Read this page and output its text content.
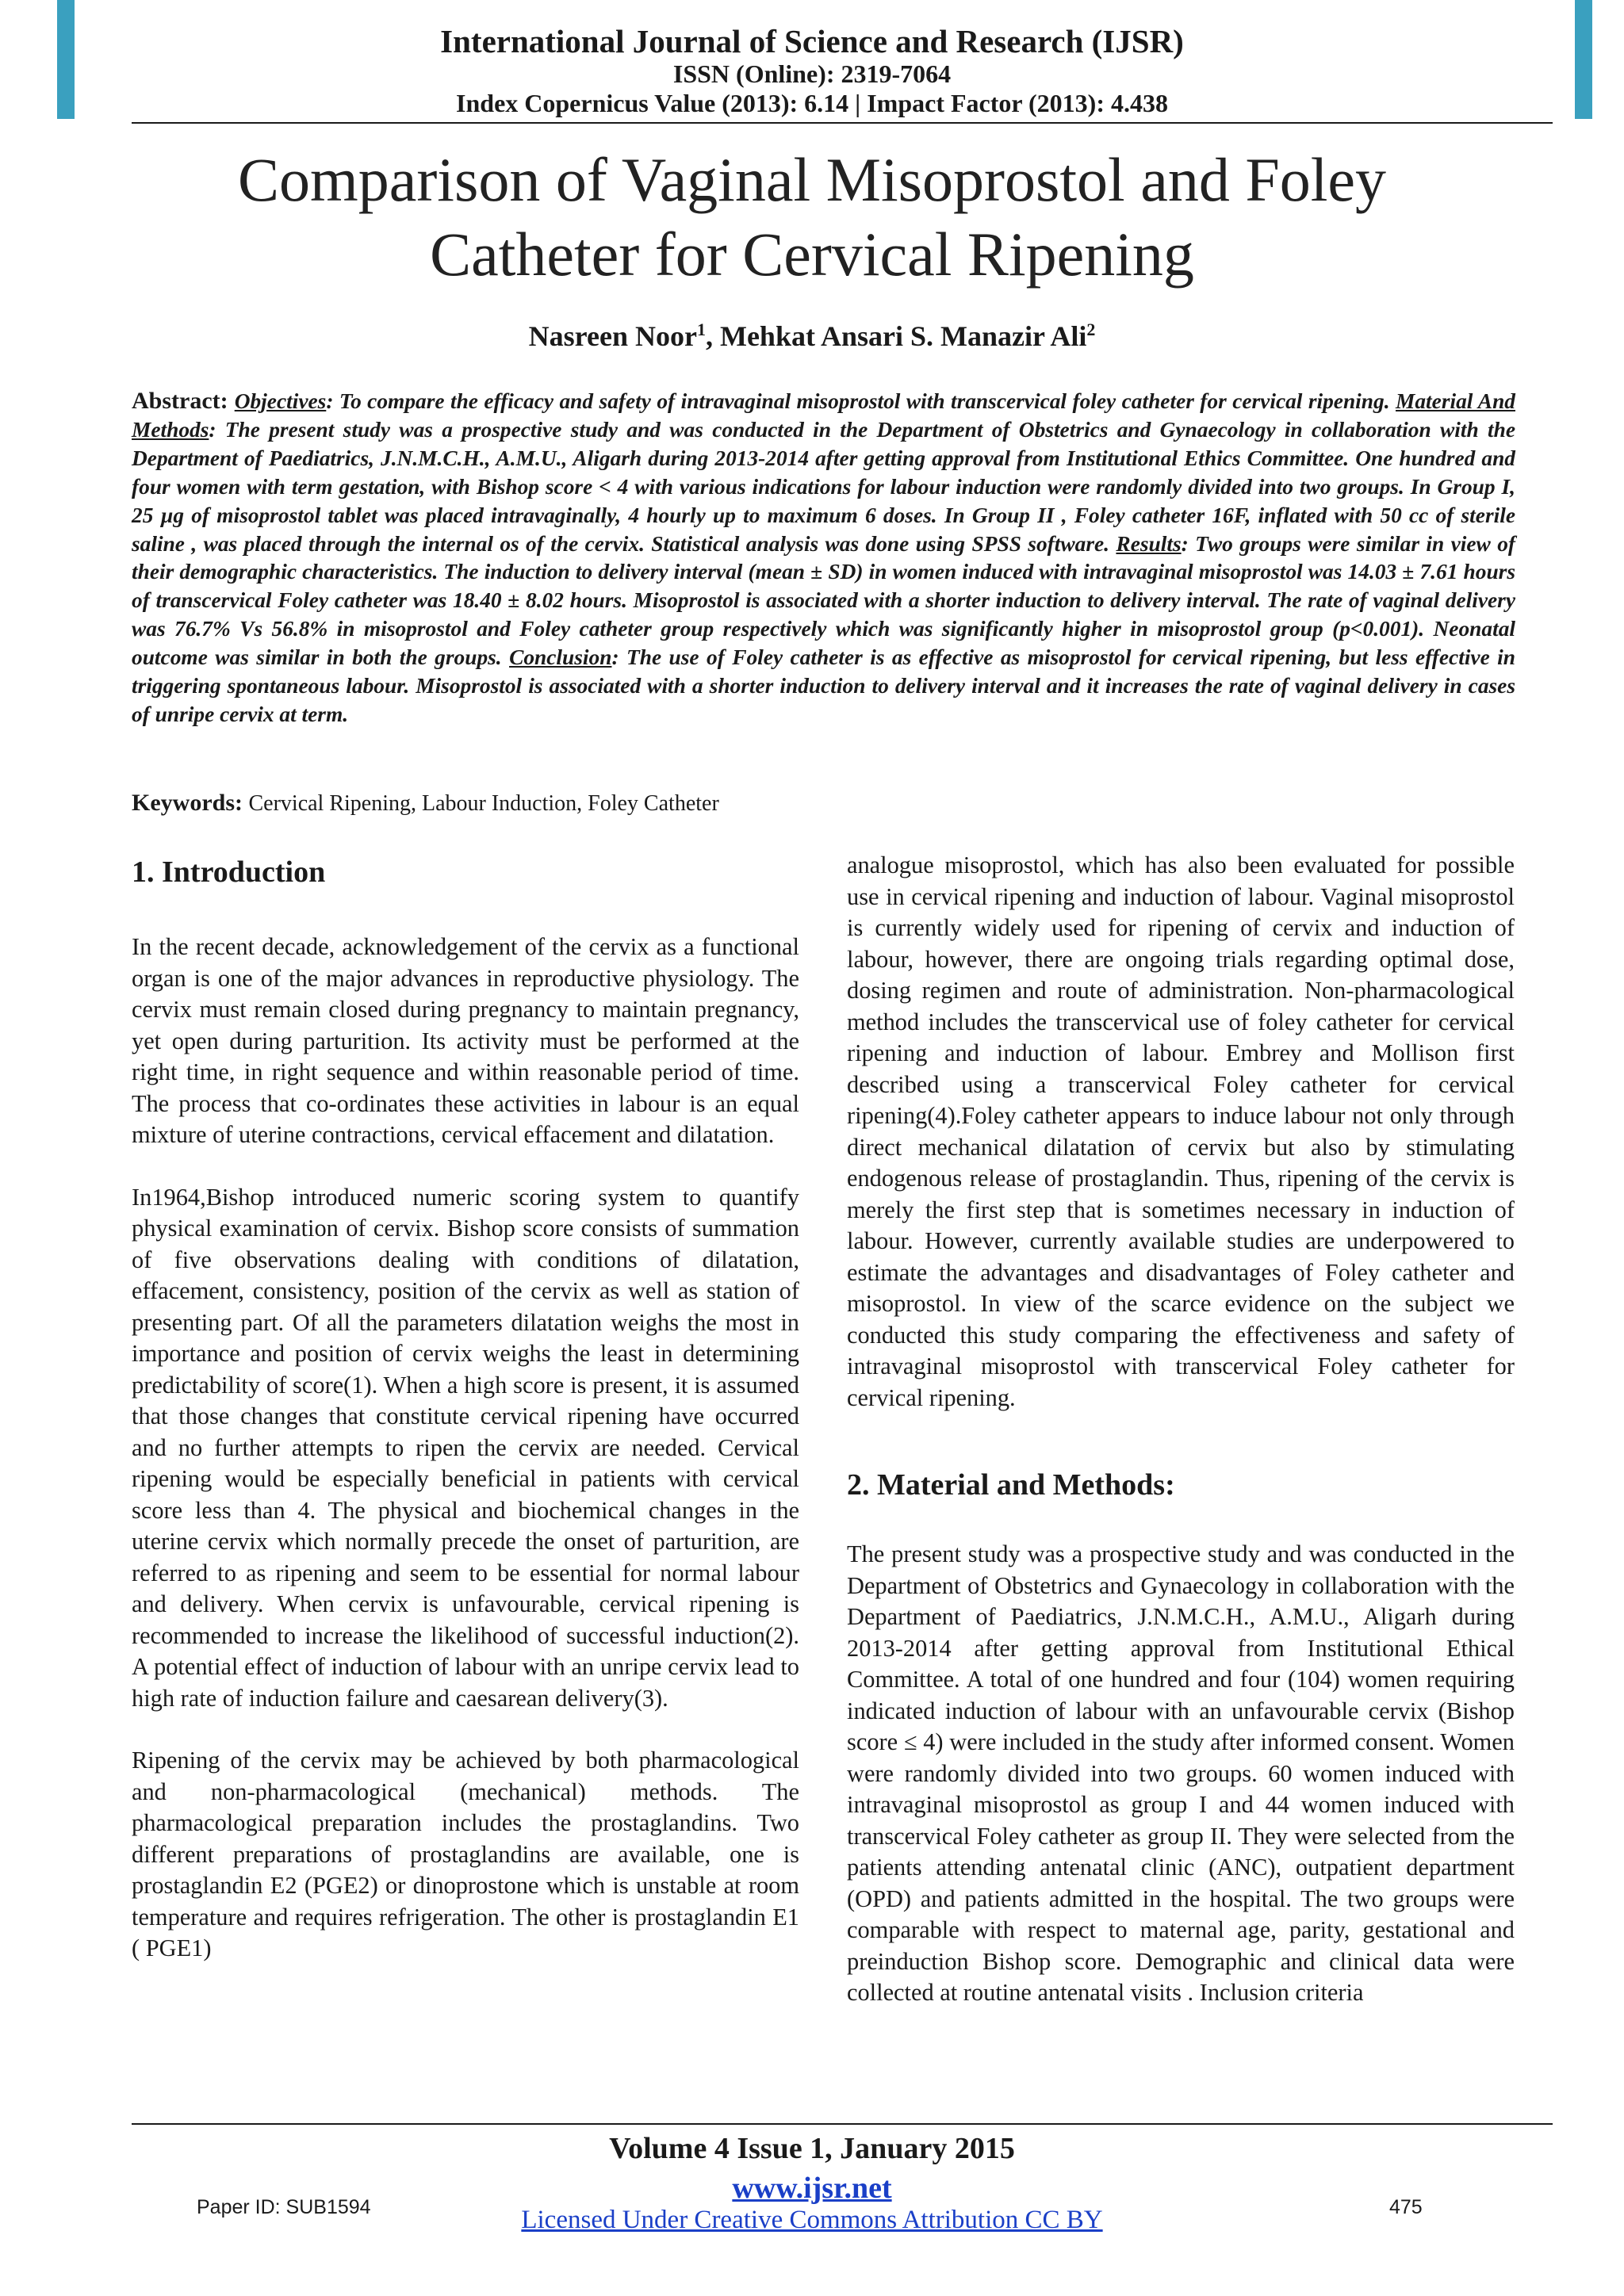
International Journal of Science and Research (IJSR)
ISSN (Online): 2319-7064
Index Copernicus Value (2013): 6.14 | Impact Factor (2013): 4.438
Comparison of Vaginal Misoprostol and Foley
Catheter for Cervical Ripening
Nasreen Noor$^1$, Mehkat Ansari S. Manazir Ali$^2$
Abstract: Objectives: To compare the efficacy and safety of intravaginal misoprostol with transcervical foley catheter for cervical ripening. Material And Methods: The present study was a prospective study and was conducted in the Department of Obstetrics and Gynaecology in collaboration with the Department of Paediatrics, J.N.M.C.H., A.M.U., Aligarh during 2013-2014 after getting approval from Institutional Ethics Committee. One hundred and four women with term gestation, with Bishop score < 4 with various indications for labour induction were randomly divided into two groups. In Group I, 25 µg of misoprostol tablet was placed intravaginally, 4 hourly up to maximum 6 doses. In Group II , Foley catheter 16F, inflated with 50 cc of sterile saline , was placed through the internal os of the cervix. Statistical analysis was done using SPSS software. Results: Two groups were similar in view of their demographic characteristics. The induction to delivery interval (mean ± SD) in women induced with intravaginal misoprostol was 14.03 ± 7.61 hours of transcervical Foley catheter was 18.40 ± 8.02 hours. Misoprostol is associated with a shorter induction to delivery interval. The rate of vaginal delivery was 76.7% Vs 56.8% in misoprostol and Foley catheter group respectively which was significantly higher in misoprostol group (p<0.001). Neonatal outcome was similar in both the groups. Conclusion: The use of Foley catheter is as effective as misoprostol for cervical ripening, but less effective in triggering spontaneous labour. Misoprostol is associated with a shorter induction to delivery interval and it increases the rate of vaginal delivery in cases of unripe cervix at term.
Keywords: Cervical Ripening, Labour Induction, Foley Catheter
1. Introduction

In the recent decade, acknowledgement of the cervix as a functional organ is one of the major advances in reproductive physiology. The cervix must remain closed during pregnancy to maintain pregnancy, yet open during parturition. Its activity must be performed at the right time, in right sequence and within reasonable period of time. The process that co-ordinates these activities in labour is an equal mixture of uterine contractions, cervical effacement and dilatation.

In1964,Bishop introduced numeric scoring system to quantify physical examination of cervix. Bishop score consists of summation of five observations dealing with conditions of dilatation, effacement, consistency, position of the cervix as well as station of presenting part. Of all the parameters dilatation weighs the most in importance and position of cervix weighs the least in determining predictability of score(1). When a high score is present, it is assumed that those changes that constitute cervical ripening have occurred and no further attempts to ripen the cervix are needed. Cervical ripening would be especially beneficial in patients with cervical score less than 4. The physical and biochemical changes in the uterine cervix which normally precede the onset of parturition, are referred to as ripening and seem to be essential for normal labour and delivery. When cervix is unfavourable, cervical ripening is recommended to increase the likelihood of successful induction(2). A potential effect of induction of labour with an unripe cervix lead to high rate of induction failure and caesarean delivery(3).

Ripening of the cervix may be achieved by both pharmacological and non-pharmacological (mechanical) methods. The pharmacological preparation includes the prostaglandins. Two different preparations of prostaglandins are available, one is prostaglandin E2 (PGE2) or dinoprostone which is unstable at room temperature and requires refrigeration. The other is prostaglandin E1 ( PGE1)

analogue misoprostol, which has also been evaluated for possible use in cervical ripening and induction of labour. Vaginal misoprostol is currently widely used for ripening of cervix and induction of labour, however, there are ongoing trials regarding optimal dose, dosing regimen and route of administration. Non-pharmacological method includes the transcervical use of foley catheter for cervical ripening and induction of labour. Embrey and Mollison first described using a transcervical Foley catheter for cervical ripening(4).Foley catheter appears to induce labour not only through direct mechanical dilatation of cervix but also by stimulating endogenous release of prostaglandin. Thus, ripening of the cervix is merely the first step that is sometimes necessary in induction of labour. However, currently available studies are underpowered to estimate the advantages and disadvantages of Foley catheter and misoprostol. In view of the scarce evidence on the subject we conducted this study comparing the effectiveness and safety of intravaginal misoprostol with transcervical Foley catheter for cervical ripening.

2. Material and Methods:

The present study was a prospective study and was conducted in the Department of Obstetrics and Gynaecology in collaboration with the Department of Paediatrics, J.N.M.C.H., A.M.U., Aligarh during 2013-2014 after getting approval from Institutional Ethical Committee. A total of one hundred and four (104) women requiring indicated induction of labour with an unfavourable cervix (Bishop score ≤ 4) were included in the study after informed consent. Women were randomly divided into two groups. 60 women induced with intravaginal misoprostol as group I and 44 women induced with transcervical Foley catheter as group II. They were selected from the patients attending antenatal clinic (ANC), outpatient department (OPD) and patients admitted in the hospital. The two groups were comparable with respect to maternal age, parity, gestational and preinduction Bishop score. Demographic and clinical data were collected at routine antenatal visits . Inclusion criteria

Volume 4 Issue 1, January 2015
www.ijsr.net
Licensed Under Creative Commons Attribution CC BY
Paper ID: SUB1594	475
